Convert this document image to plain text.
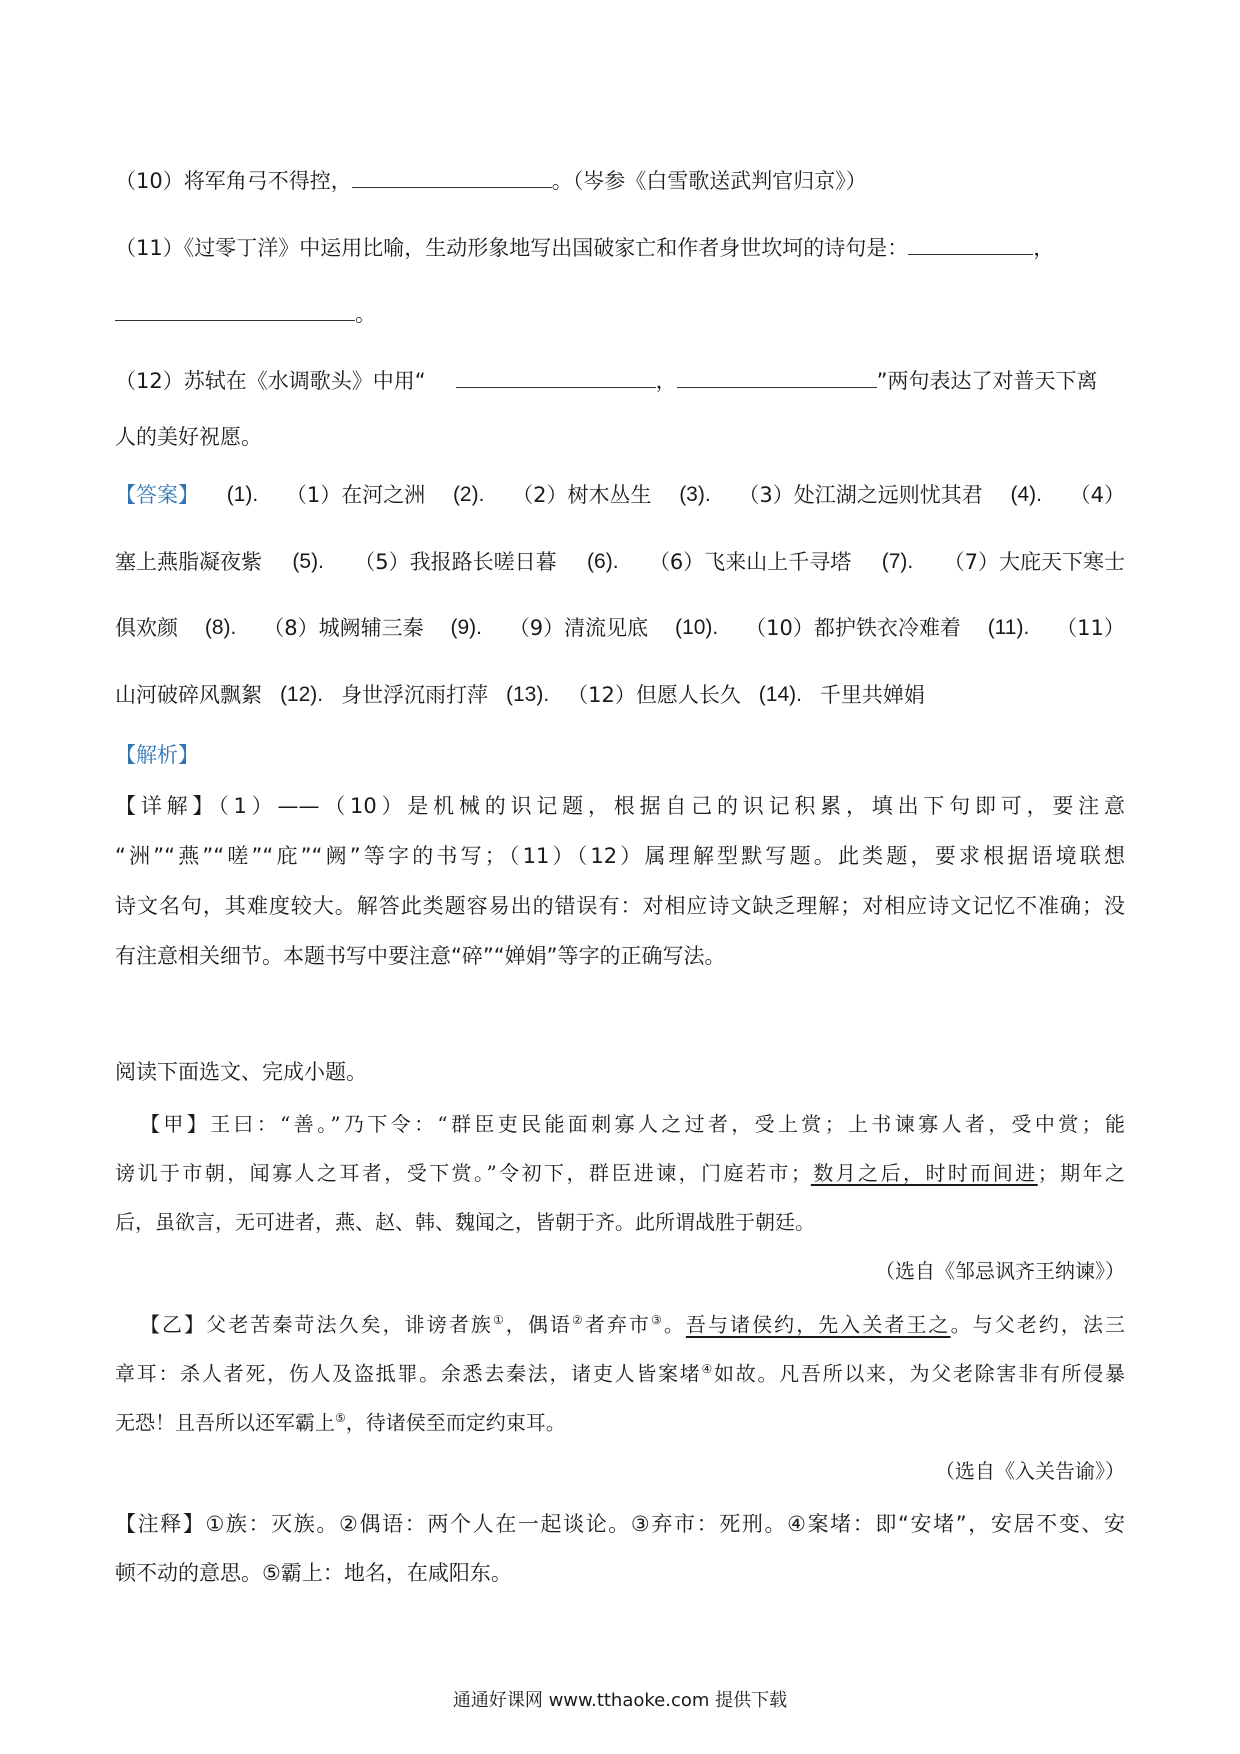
（10）将军角弓不得控，	。（岑参《白雪歌送武判官归京》）
（11）《过零丁洋》中运用比喻，生动形象地写出国破家亡和作者身世坎坷的诗句是：	，
。
（12）苏轼在《水调歌头》中用“	，	”两句表达了对普天下离
人的美好祝愿。
【答案】 (1). （1）在河之洲 (2). （2）树木丛生 (3). （3）处江湖之远则忧其君 (4). （4）
塞上燕脂凝夜紫 (5). （5）我报路长嗟日暮 (6). （6）飞来山上千寻塔 (7). （7）大庇天下寒士
俱欢颜 (8). （8）城阙辅三秦 (9). （9）清流见底 (10). （10）都护铁衣冷难着 (11). （11）
山河破碎风飘絮 (12). 身世浮沉雨打萍 (13). （12）但愿人长久 (14). 千里共婵娟
【解析】
【详解】（1）——（10）是机械的识记题，根据自己的识记积累，填出下句即可，要注意
“洲”“燕”“嗟”“庇”“阙”等字的书写；（11）（12）属理解型默写题。此类题，要求根据语境联想
诗文名句，其难度较大。解答此类题容易出的错误有：对相应诗文缺乏理解；对相应诗文记忆不准确；没
有注意相关细节。本题书写中要注意“碎”“婵娟”等字的正确写法。
阅读下面选文、完成小题。
【甲】王曰：“善。”乃下令：“群臣吏民能面刺寡人之过者，受上赏；上书谏寡人者，受中赏；能
谤讥于市朝，闻寡人之耳者，受下赏。”令初下，群臣进谏，门庭若市；数月之后，时时而间进；期年之
后，虽欲言，无可进者，燕、赵、韩、魏闻之，皆朝于齐。此所谓战胜于朝廷。
（选自《邹忌讽齐王纳谏》）
【乙】父老苦秦苛法久矣，诽谤者族①，偶语②者弃市③。吾与诸侯约，先入关者王之。与父老约，法三
章耳：杀人者死，伤人及盗抵罪。余悉去秦法，诸吏人皆案堵④如故。凡吾所以来，为父老除害非有所侵暴
无恐！且吾所以还军霸上⑤，待诸侯至而定约束耳。
（选自《入关告谕》）
【注释】①族：灭族。②偶语：两个人在一起谈论。③弃市：死刑。④案堵：即“安堵”，安居不变、安
顿不动的意思。⑤霸上：地名，在咸阳东。
通通好课网 www.tthaoke.com 提供下载
